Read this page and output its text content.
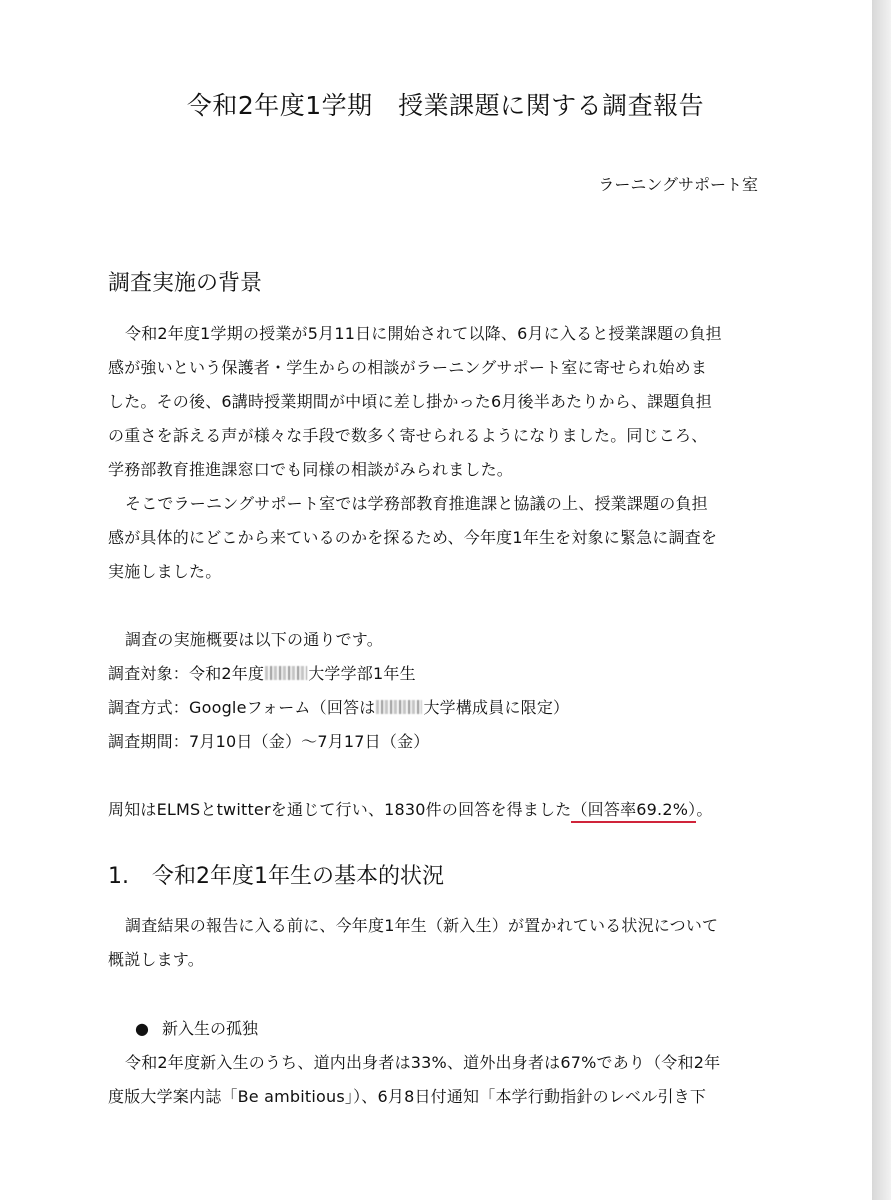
令和2年度1学期　授業課題に関する調査報告
ラーニングサポート室
調査実施の背景
令和2年度1学期の授業が5月11日に開始されて以降、6月に入ると授業課題の負担
感が強いという保護者・学生からの相談がラーニングサポート室に寄せられ始めま
した。その後、6講時授業期間が中頃に差し掛かった6月後半あたりから、課題負担
の重さを訴える声が様々な手段で数多く寄せられるようになりました。同じころ、
学務部教育推進課窓口でも同様の相談がみられました。
そこでラーニングサポート室では学務部教育推進課と協議の上、授業課題の負担
感が具体的にどこから来ているのかを探るため、今年度1年生を対象に緊急に調査を
実施しました。
調査の実施概要は以下の通りです。
調査対象：令和2年度	大学学部1年生
調査方式：Googleフォーム（回答は	大学構成員に限定）
調査期間：7月10日（金）～7月17日（金）
周知はELMSとtwitterを通じて行い、1830件の回答を得ました（回答率69.2%）。
1. 令和2年度1年生の基本的状況
調査結果の報告に入る前に、今年度1年生（新入生）が置かれている状況について
概説します。
● 新入生の孤独
令和2年度新入生のうち、道内出身者は33%、道外出身者は67%であり（令和2年
度版大学案内誌「Be ambitious」）、6月8日付通知「本学行動指針のレベル引き下
